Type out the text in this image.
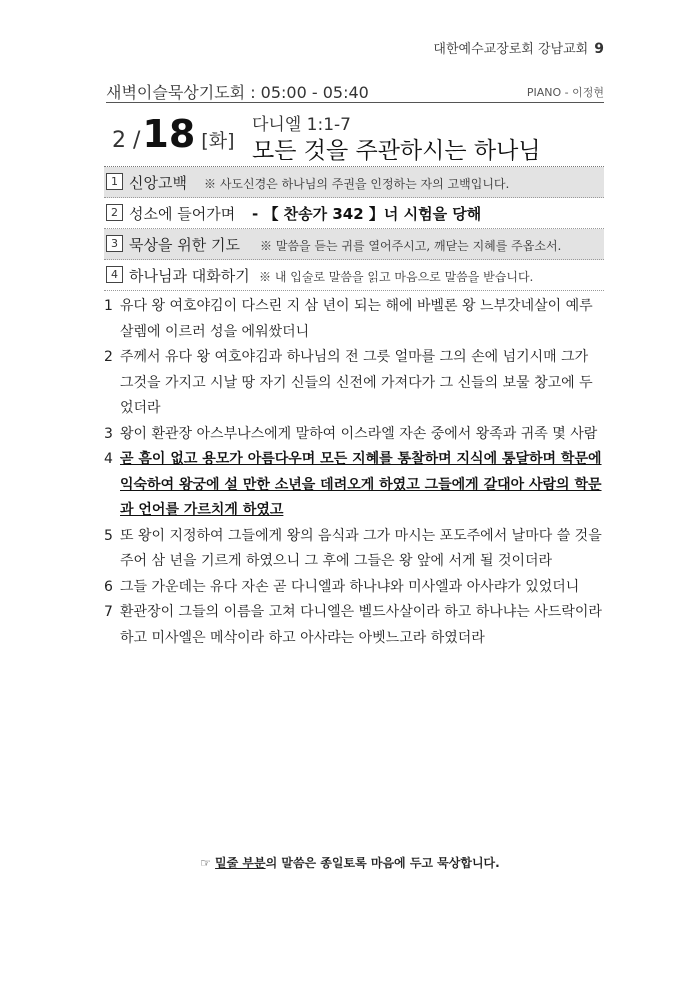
대한예수교장로회 강남교회 9
새벽이슬묵상기도회 : 05:00 - 05:40	PIANO - 이정현
2 /18 [화]
다니엘 1:1-7
모든 것을 주관하시는 하나님
1 신앙고백 ※ 사도신경은 하나님의 주권을 인정하는 자의 고백입니다.
2 성소에 들어가며 - 【 찬송가 342 】너 시험을 당해
3 묵상을 위한 기도 ※ 말씀을 듣는 귀를 열어주시고, 깨닫는 지혜를 주옵소서.
4 하나님과 대화하기 ※ 내 입술로 말씀을 읽고 마음으로 말씀을 받습니다.
1 유다 왕 여호야김이 다스린 지 삼 년이 되는 해에 바벨론 왕 느부갓네살이 예루살렘에 이르러 성을 에워쌌더니
2 주께서 유다 왕 여호야김과 하나님의 전 그릇 얼마를 그의 손에 넘기시매 그가 그것을 가지고 시날 땅 자기 신들의 신전에 가져다가 그 신들의 보물 창고에 두었더라
3 왕이 환관장 아스부나스에게 말하여 이스라엘 자손 중에서 왕족과 귀족 몇 사람
4 곧 흠이 없고 용모가 아름다우며 모든 지혜를 통찰하며 지식에 통달하며 학문에 익숙하여 왕궁에 설 만한 소년을 데려오게 하였고 그들에게 갈대아 사람의 학문과 언어를 가르치게 하였고
5 또 왕이 지정하여 그들에게 왕의 음식과 그가 마시는 포도주에서 날마다 쓸 것을 주어 삼 년을 기르게 하였으니 그 후에 그들은 왕 앞에 서게 될 것이더라
6 그들 가운데는 유다 자손 곧 다니엘과 하나냐와 미사엘과 아사랴가 있었더니
7 환관장이 그들의 이름을 고쳐 다니엘은 벨드사살이라 하고 하나냐는 사드락이라 하고 미사엘은 메삭이라 하고 아사랴는 아벳느고라 하였더라
☞ 밑줄 부분의 말씀은 종일토록 마음에 두고 묵상합니다.
